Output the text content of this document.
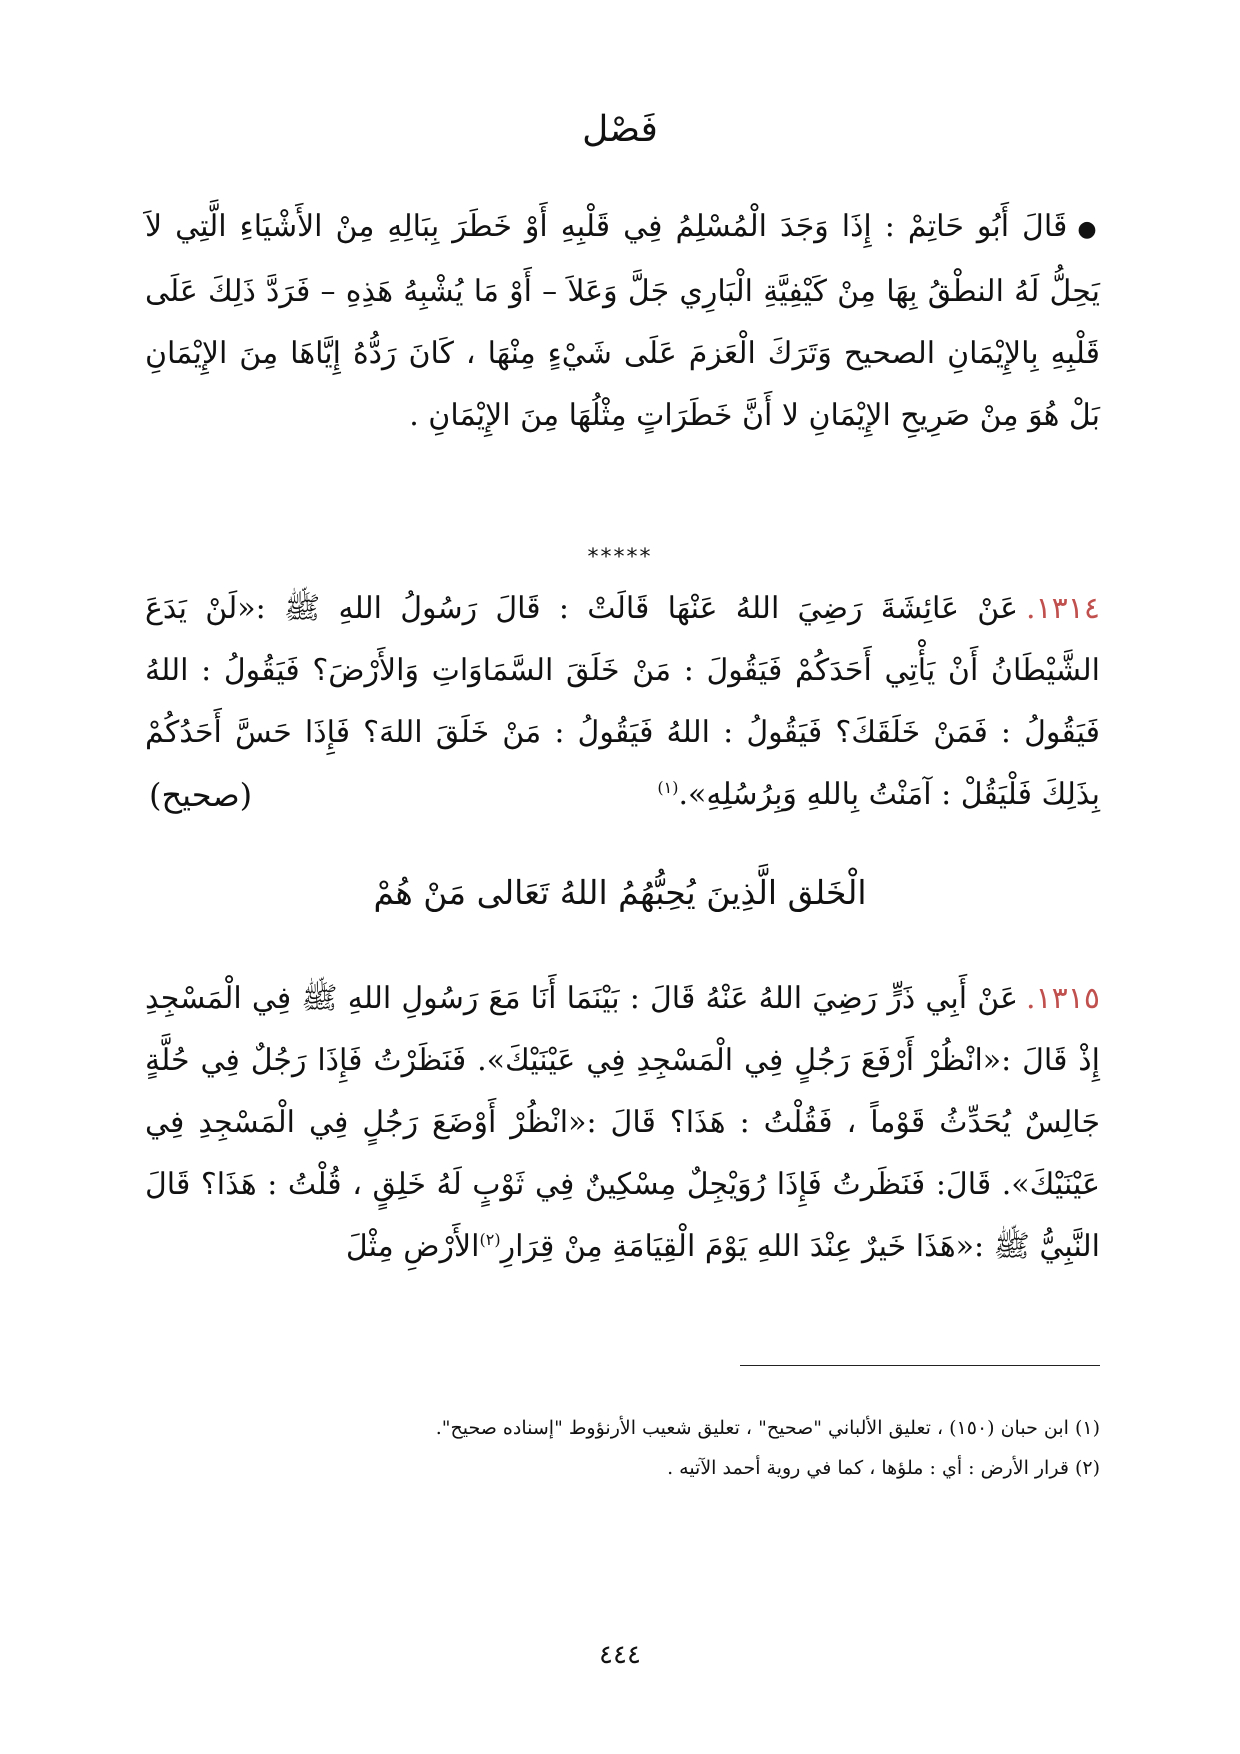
فَصْل
●قَالَ أَبُو حَاتِمْ : إِذَا وَجَدَ الْمُسْلِمُ فِي قَلْبِهِ أَوْ خَطَرَ بِبَالِهِ مِنْ الأَشْيَاءِ الَّتِي لاَ يَحِلُّ لَهُ النطْقُ بِهَا مِنْ كَيْفِيَّةِ الْبَارِي جَلَّ وَعَلاَ – أَوْ مَا يُشْبِهُ هَذِهِ – فَرَدَّ ذَلِكَ عَلَى قَلْبِهِ بِالإِيْمَانِ الصحيح وَتَرَكَ الْعَزمَ عَلَى شَيْءٍ مِنْهَا ، كَانَ رَدُّهُ إِيَّاهَا مِنَ الإِيْمَانِ بَلْ هُوَ مِنْ صَرِيحِ الإِيْمَانِ لا أَنَّ خَطَرَاتٍ مِثْلُهَا مِنَ الإِيْمَانِ .
*****
١٣١٤.عَنْ عَائِشَةَ رَضِيَ اللهُ عَنْهَا قَالَتْ : قَالَ رَسُولُ اللهِ ﷺ :«لَنْ يَدَعَ الشَّيْطَانُ أَنْ يَأْتِي أَحَدَكُمْ فَيَقُولَ : مَنْ خَلَقَ السَّمَاوَاتِ وَالأَرْضَ؟ فَيَقُولُ : اللهُ فَيَقُولُ : فَمَنْ خَلَقَكَ؟ فَيَقُولُ : اللهُ فَيَقُولُ : مَنْ خَلَقَ اللهَ؟ فَإِذَا حَسَّ أَحَدُكُمْ بِذَلِكَ فَلْيَقُلْ : آمَنْتُ بِاللهِ وَبِرُسُلِهِ».$^{(١)}$
(صحيح)
الْخَلق الَّذِينَ يُحِبُّهُمُ اللهُ تَعَالى مَنْ هُمْ
١٣١٥.عَنْ أَبِي ذَرٍّ رَضِيَ اللهُ عَنْهُ قَالَ : بَيْنَمَا أَنَا مَعَ رَسُولِ اللهِ ﷺ فِي الْمَسْجِدِ إِذْ قَالَ :«انْظُرْ أَرْفَعَ رَجُلٍ فِي الْمَسْجِدِ فِي عَيْنَيْكَ». فَنَظَرْتُ فَإِذَا رَجُلٌ فِي حُلَّةٍ جَالِسٌ يُحَدِّثُ قَوْماً ، فَقُلْتُ : هَذَا؟ قَالَ :«انْظُرْ أَوْضَعَ رَجُلٍ فِي الْمَسْجِدِ فِي عَيْنَيْكَ». قَالَ: فَنَظَرتُ فَإِذَا رُوَيْجِلٌ مِسْكِينٌ فِي ثَوْبٍ لَهُ خَلِقٍ ، قُلْتُ : هَذَا؟ قَالَ النَّبِيُّ ﷺ :«هَذَا خَيرٌ عِنْدَ اللهِ يَوْمَ الْقِيَامَةِ مِنْ قِرَارِ$^{(٢)}$الأَرْضِ مِثْلَ

(١) ابن حبان (١٥٠) ، تعليق الألباني "صحيح" ، تعليق شعيب الأرنؤوط "إسناده صحيح".

(٢) قرار الأرض : أي : ملؤها ، كما في روية أحمد الآتيه .

٤٤٤
